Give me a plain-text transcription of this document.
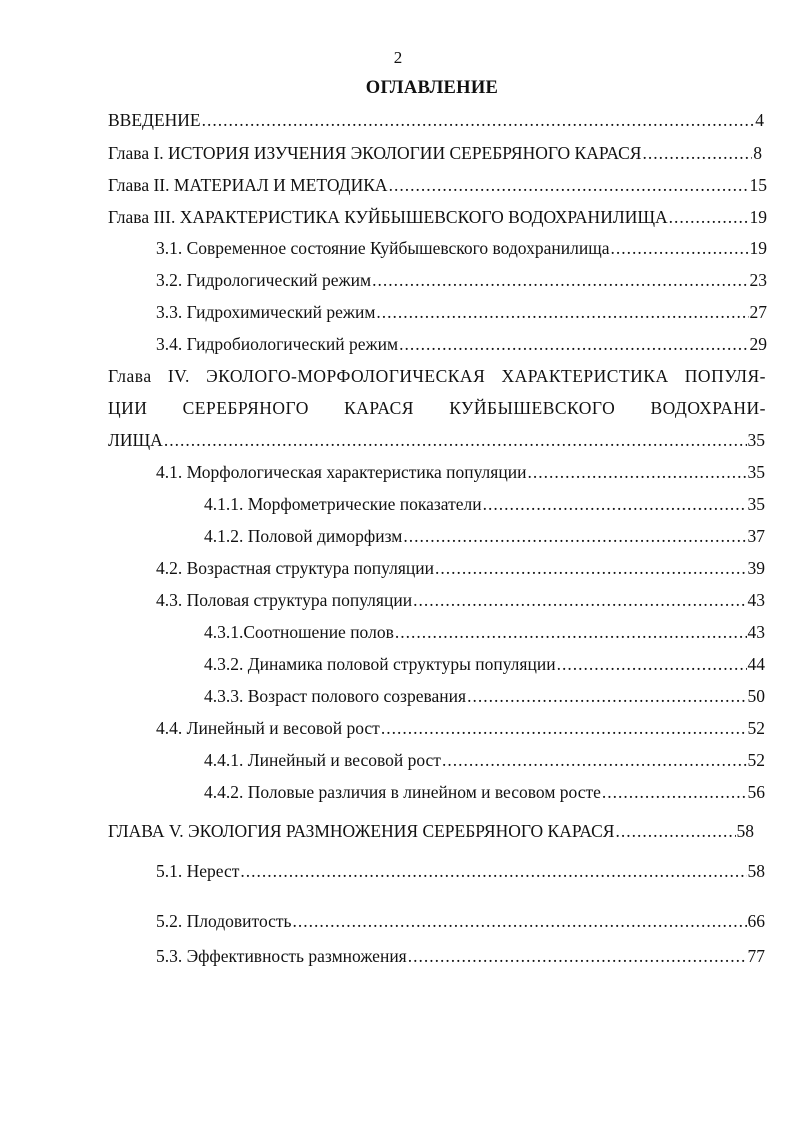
2
ОГЛАВЛЕНИЕ
ВВЕДЕНИЕ .....	4
Глава I. ИСТОРИЯ ИЗУЧЕНИЯ ЭКОЛОГИИ СЕРЕБРЯНОГО КАРАСЯ .....	8
Глава II. МАТЕРИАЛ И МЕТОДИКА .....	15
Глава III. ХАРАКТЕРИСТИКА КУЙБЫШЕВСКОГО ВОДОХРАНИЛИЩА .....	19
3.1. Современное состояние Куйбышевского водохранилища .....	19
3.2. Гидрологический режим .....	23
3.3. Гидрохимический режим .....	27
3.4. Гидробиологический режим .....	29
Глава IV. ЭКОЛОГО-МОРФОЛОГИЧЕСКАЯ ХАРАКТЕРИСТИКА ПОПУЛЯ-
ЦИИ СЕРЕБРЯНОГО КАРАСЯ КУЙБЫШЕВСКОГО ВОДОХРАНИ-
ЛИЩА .....	35
4.1. Морфологическая характеристика популяции .....	35
4.1.1. Морфометрические показатели .....	35
4.1.2. Половой диморфизм .....	37
4.2. Возрастная структура популяции .....	39
4.3. Половая структура популяции .....	43
4.3.1.Соотношение полов .....	43
4.3.2. Динамика половой структуры популяции .....	44
4.3.3. Возраст полового созревания .....	50
4.4. Линейный и весовой рост .....	52
4.4.1. Линейный и весовой рост .....	52
4.4.2. Половые различия в линейном и весовом росте .....	56
ГЛАВА V. ЭКОЛОГИЯ РАЗМНОЖЕНИЯ СЕРЕБРЯНОГО КАРАСЯ .....	58
5.1. Нерест .....	58
5.2. Плодовитость .....	66
5.3. Эффективность размножения .....	77
